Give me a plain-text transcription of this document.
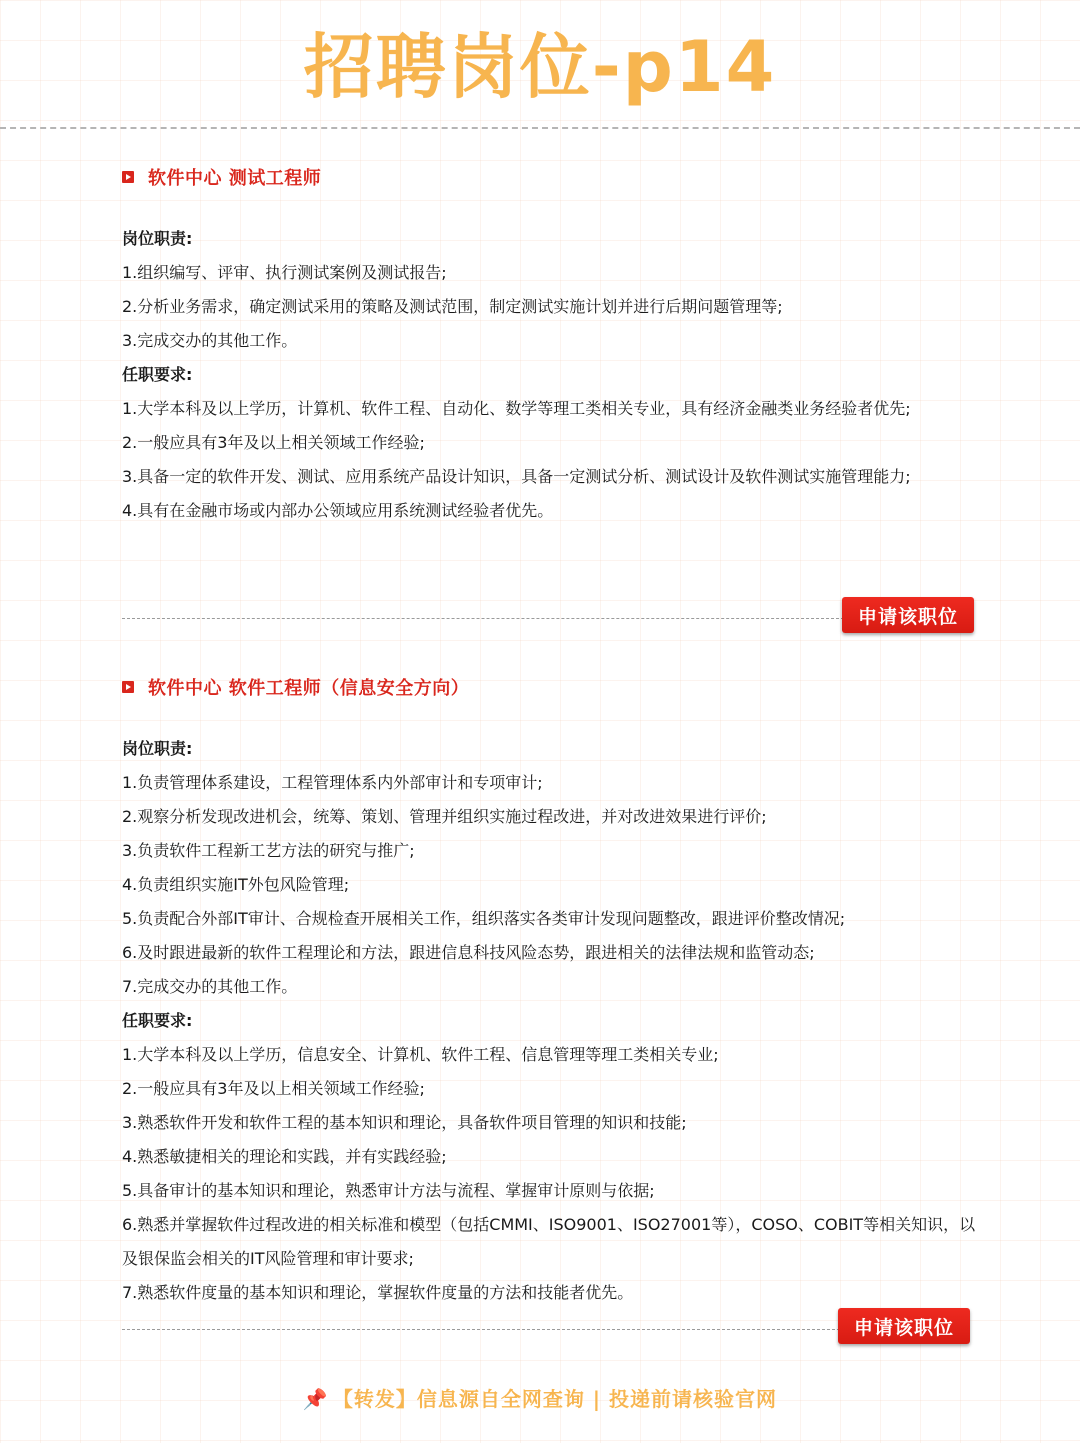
招聘岗位-p14
软件中心 测试工程师
岗位职责:
1.组织编写、评审、执行测试案例及测试报告;
2.分析业务需求，确定测试采用的策略及测试范围，制定测试实施计划并进行后期问题管理等;
3.完成交办的其他工作。
任职要求:
1.大学本科及以上学历，计算机、软件工程、自动化、数学等理工类相关专业，具有经济金融类业务经验者优先;
2.一般应具有3年及以上相关领域工作经验;
3.具备一定的软件开发、测试、应用系统产品设计知识，具备一定测试分析、测试设计及软件测试实施管理能力;
4.具有在金融市场或内部办公领域应用系统测试经验者优先。
申请该职位
软件中心 软件工程师（信息安全方向）
岗位职责:
1.负责管理体系建设，工程管理体系内外部审计和专项审计;
2.观察分析发现改进机会，统筹、策划、管理并组织实施过程改进，并对改进效果进行评价;
3.负责软件工程新工艺方法的研究与推广;
4.负责组织实施IT外包风险管理;
5.负责配合外部IT审计、合规检查开展相关工作，组织落实各类审计发现问题整改，跟进评价整改情况;
6.及时跟进最新的软件工程理论和方法，跟进信息科技风险态势，跟进相关的法律法规和监管动态;
7.完成交办的其他工作。
任职要求:
1.大学本科及以上学历，信息安全、计算机、软件工程、信息管理等理工类相关专业;
2.一般应具有3年及以上相关领域工作经验;
3.熟悉软件开发和软件工程的基本知识和理论，具备软件项目管理的知识和技能;
4.熟悉敏捷相关的理论和实践，并有实践经验;
5.具备审计的基本知识和理论，熟悉审计方法与流程、掌握审计原则与依据;
6.熟悉并掌握软件过程改进的相关标准和模型（包括CMMI、ISO9001、ISO27001等），COSO、COBIT等相关知识，以及银保监会相关的IT风险管理和审计要求;
7.熟悉软件度量的基本知识和理论，掌握软件度量的方法和技能者优先。
申请该职位
📌 【转发】信息源自全网查询 | 投递前请核验官网
